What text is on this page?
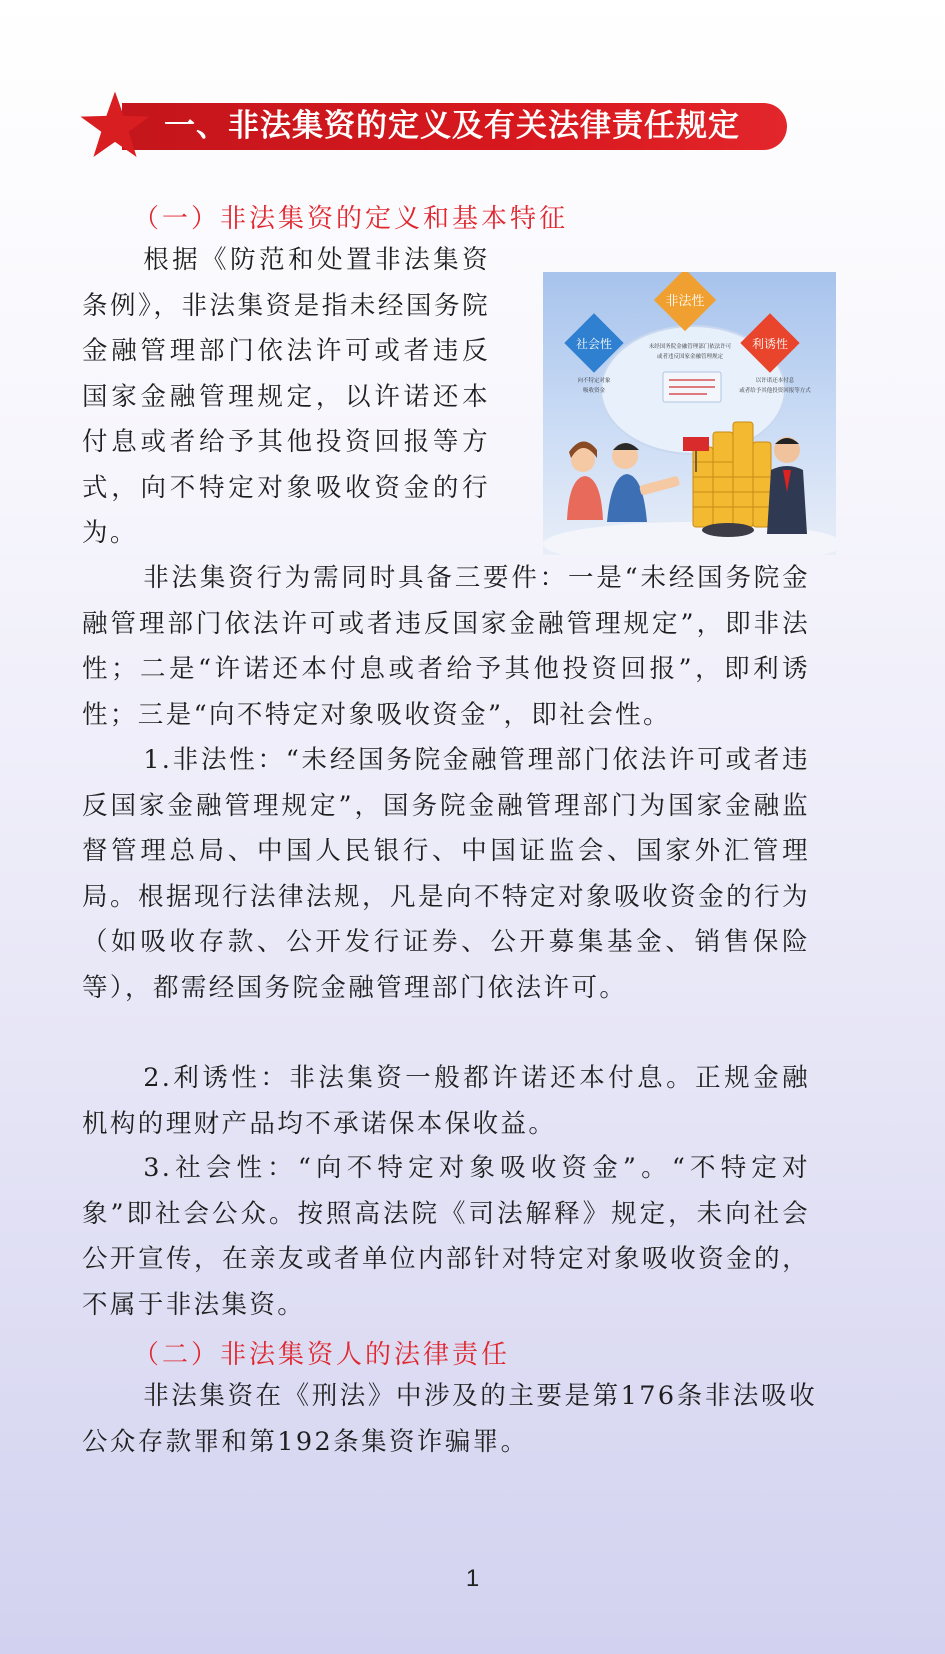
一、非法集资的定义及有关法律责任规定
（一）非法集资的定义和基本特征

根据《防范和处置非法集资条例》，非法集资是指未经国务院金融管理部门依法许可或者违反国家金融管理规定，以许诺还本付息或者给予其他投资回报等方式，向不特定对象吸收资金的行为。

非法性
社会性	利诱性
未经国务院金融管理部门依法许可
或者违反国家金融管理规定
向不特定对象
吸收资金
以许诺还本付息
或者给予其他投资回报等方式

非法集资行为需同时具备三要件：一是“未经国务院金融管理部门依法许可或者违反国家金融管理规定”，即非法性；二是“许诺还本付息或者给予其他投资回报”，即利诱性；三是“向不特定对象吸收资金”，即社会性。

1.非法性：“未经国务院金融管理部门依法许可或者违反国家金融管理规定”，国务院金融管理部门为国家金融监督管理总局、中国人民银行、中国证监会、国家外汇管理局。根据现行法律法规，凡是向不特定对象吸收资金的行为（如吸收存款、公开发行证券、公开募集基金、销售保险等），都需经国务院金融管理部门依法许可。

2.利诱性：非法集资一般都许诺还本付息。正规金融机构的理财产品均不承诺保本保收益。

3.社会性：“向不特定对象吸收资金”。“不特定对象”即社会公众。按照高法院《司法解释》规定，未向社会公开宣传，在亲友或者单位内部针对特定对象吸收资金的，不属于非法集资。

（二）非法集资人的法律责任

非法集资在《刑法》中涉及的主要是第176条非法吸收公众存款罪和第192条集资诈骗罪。

1
